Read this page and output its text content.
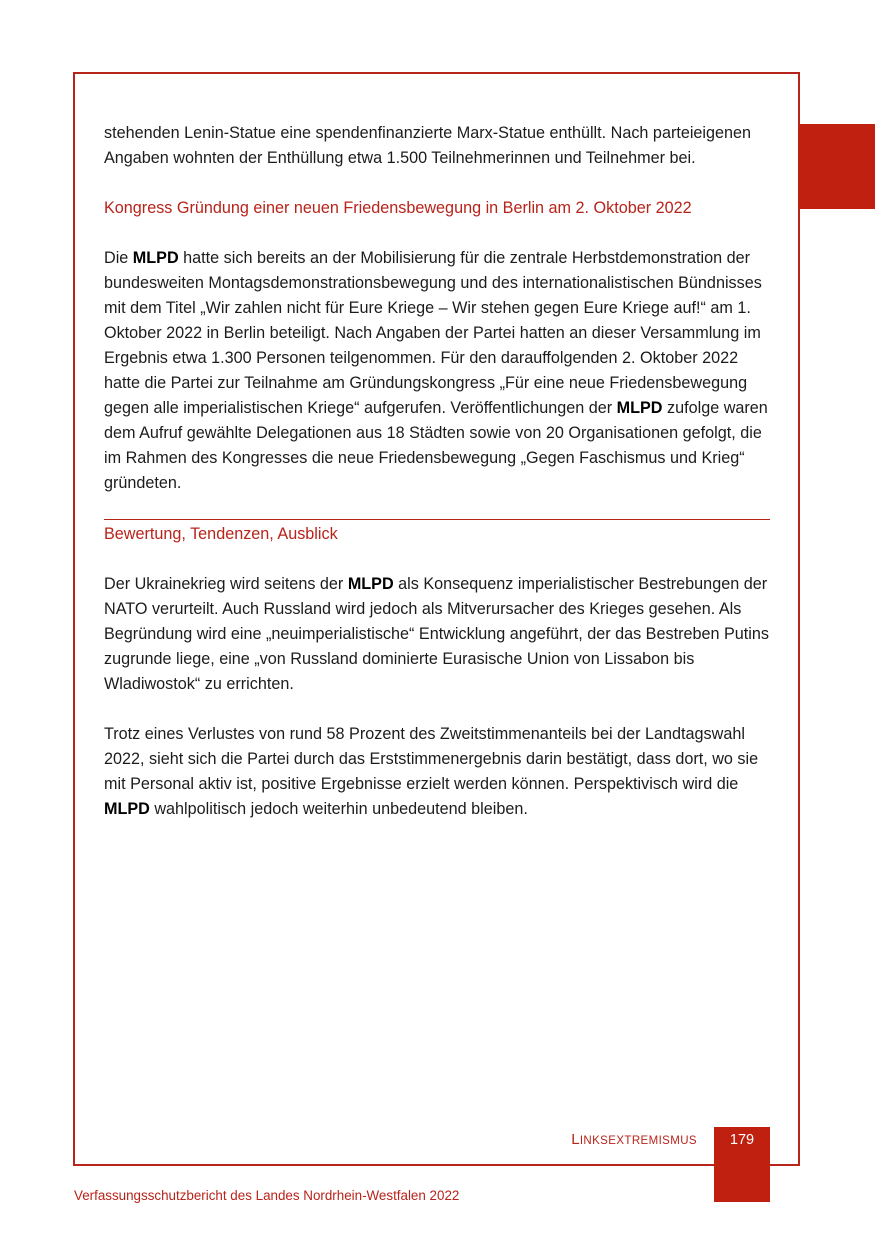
stehenden Lenin-Statue eine spendenfinanzierte Marx-Statue enthüllt. Nach parteieigenen Angaben wohnten der Enthüllung etwa 1.500 Teilnehmerinnen und Teilnehmer bei.

Kongress Gründung einer neuen Friedensbewegung in Berlin am 2. Oktober 2022

Die MLPD hatte sich bereits an der Mobilisierung für die zentrale Herbstdemonstration der bundesweiten Montagsdemonstrationsbewegung und des internationalistischen Bündnisses mit dem Titel „Wir zahlen nicht für Eure Kriege – Wir stehen gegen Eure Kriege auf!“ am 1. Oktober 2022 in Berlin beteiligt. Nach Angaben der Partei hatten an dieser Versammlung im Ergebnis etwa 1.300 Personen teilgenommen. Für den darauffolgenden 2. Oktober 2022 hatte die Partei zur Teilnahme am Gründungskongress „Für eine neue Friedensbewegung gegen alle imperialistischen Kriege“ aufgerufen. Veröffentlichungen der MLPD zufolge waren dem Aufruf gewählte Delegationen aus 18 Städten sowie von 20 Organisationen gefolgt, die im Rahmen des Kongresses die neue Friedensbewegung „Gegen Faschismus und Krieg“ gründeten.

Bewertung, Tendenzen, Ausblick

Der Ukrainekrieg wird seitens der MLPD als Konsequenz imperialistischer Bestrebungen der NATO verurteilt. Auch Russland wird jedoch als Mitverursacher des Krieges gesehen. Als Begründung wird eine „neuimperialistische“ Entwicklung angeführt, der das Bestreben Putins zugrunde liege, eine „von Russland dominierte Eurasische Union von Lissabon bis Wladiwostok“ zu errichten.

Trotz eines Verlustes von rund 58 Prozent des Zweitstimmenanteils bei der Landtagswahl 2022, sieht sich die Partei durch das Erststimmenergebnis darin bestätigt, dass dort, wo sie mit Personal aktiv ist, positive Ergebnisse erzielt werden können. Perspektivisch wird die MLPD wahlpolitisch jedoch weiterhin unbedeutend bleiben.

LINKSEXTREMISMUS	179
Verfassungsschutzbericht des Landes Nordrhein-Westfalen 2022
